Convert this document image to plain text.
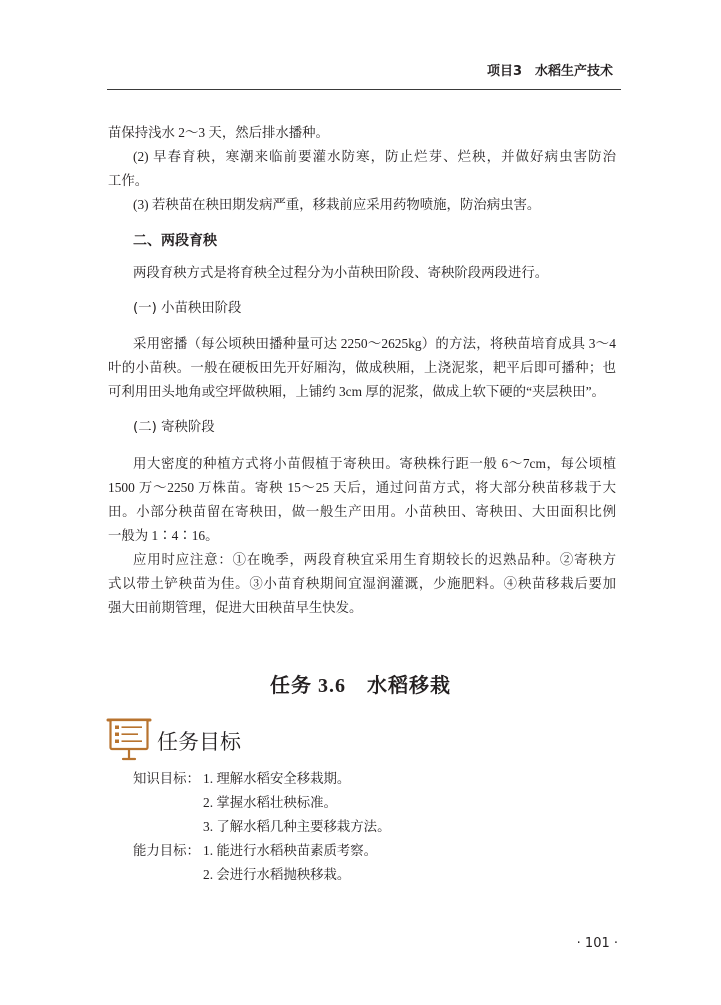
项目3　水稻生产技术
苗保持浅水 2～3 天，然后排水播种。
(2) 早春育秧，寒潮来临前要灌水防寒，防止烂芽、烂秧，并做好病虫害防治
工作。
(3) 若秧苗在秧田期发病严重，移栽前应采用药物喷施，防治病虫害。
二、两段育秧
两段育秧方式是将育秧全过程分为小苗秧田阶段、寄秧阶段两段进行。
(一) 小苗秧田阶段
采用密播（每公顷秧田播种量可达 2250～2625kg）的方法，将秧苗培育成具 3～4
叶的小苗秧。一般在硬板田先开好厢沟，做成秧厢，上浇泥浆，耙平后即可播种；也
可利用田头地角或空坪做秧厢，上铺约 3cm 厚的泥浆，做成上软下硬的“夹层秧田”。
(二) 寄秧阶段
用大密度的种植方式将小苗假植于寄秧田。寄秧株行距一般 6～7cm，每公顷植
1500 万～2250 万株苗。寄秧 15～25 天后，通过问苗方式，将大部分秧苗移栽于大
田。小部分秧苗留在寄秧田，做一般生产田用。小苗秧田、寄秧田、大田面积比例
一般为 1∶4∶16。
应用时应注意：①在晚季，两段育秧宜采用生育期较长的迟熟品种。②寄秧方
式以带土铲秧苗为佳。③小苗育秧期间宜湿润灌溉，少施肥料。④秧苗移栽后要加
强大田前期管理，促进大田秧苗早生快发。
任务 3.6　水稻移栽
任务目标
知识目标： 1. 理解水稻安全移栽期。
2. 掌握水稻壮秧标准。
3. 了解水稻几种主要移栽方法。
能力目标： 1. 能进行水稻秧苗素质考察。
2. 会进行水稻抛秧移栽。
· 101 ·
